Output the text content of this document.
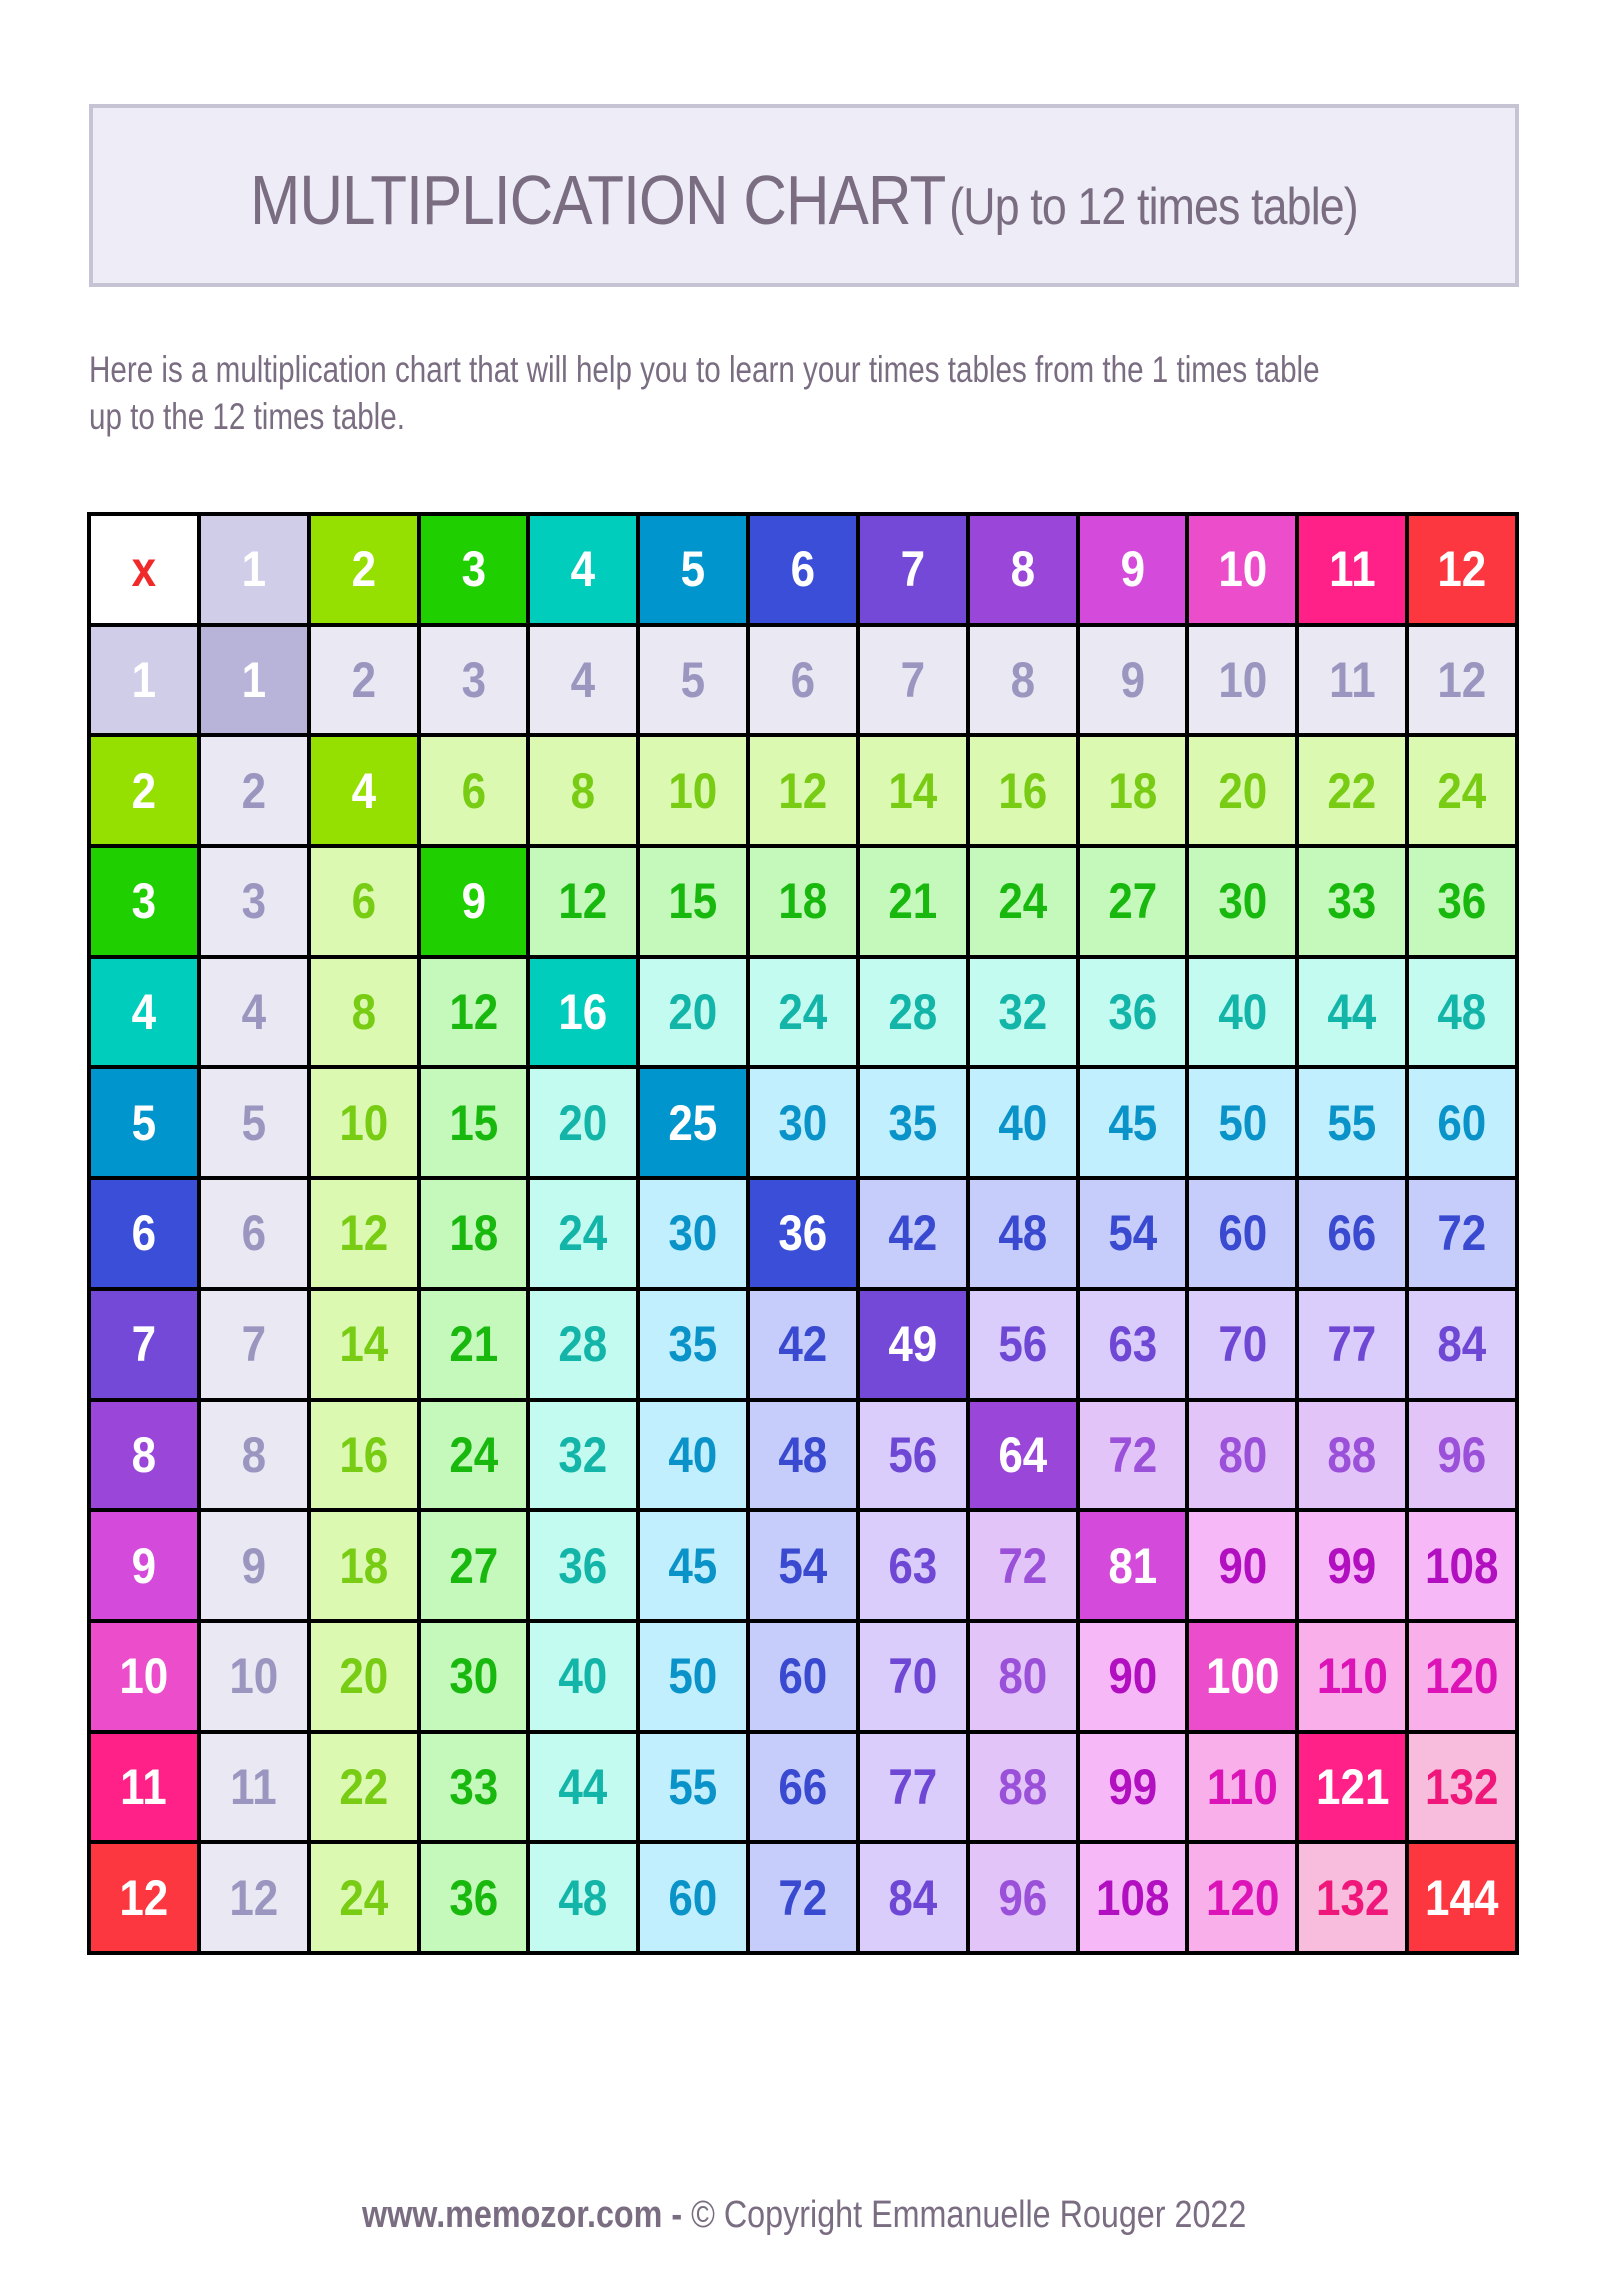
MULTIPLICATION CHART (Up to 12 times table)
Here is a multiplication chart that will help you to learn your times tables from the 1 times table
up to the 12 times table.
x 1 2 3 4 5 6 7 8 9 10 11 12
1 1 2 3 4 5 6 7 8 9 10 11 12
2 2 4 6 8 10 12 14 16 18 20 22 24
3 3 6 9 12 15 18 21 24 27 30 33 36
4 4 8 12 16 20 24 28 32 36 40 44 48
5 5 10 15 20 25 30 35 40 45 50 55 60
6 6 12 18 24 30 36 42 48 54 60 66 72
7 7 14 21 28 35 42 49 56 63 70 77 84
8 8 16 24 32 40 48 56 64 72 80 88 96
9 9 18 27 36 45 54 63 72 81 90 99 108
10 10 20 30 40 50 60 70 80 90 100 110 120
11 11 22 33 44 55 66 77 88 99 110 121 132
12 12 24 36 48 60 72 84 96 108 120 132 144
www.memozor.com - © Copyright Emmanuelle Rouger 2022
